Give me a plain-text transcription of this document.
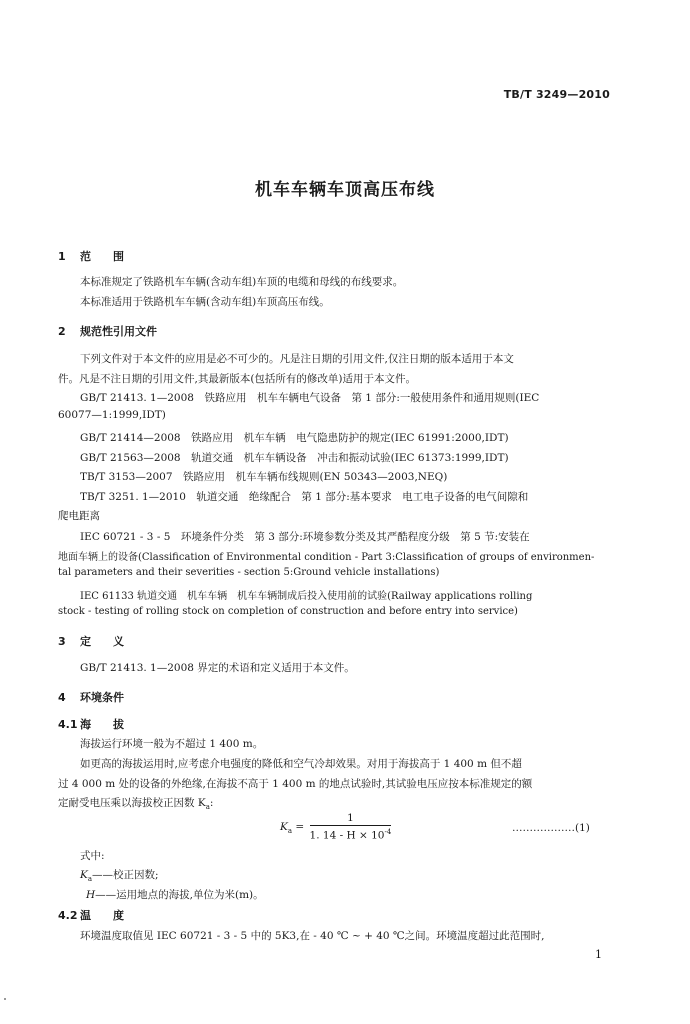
TB/T 3249—2010
机车车辆车顶高压布线
1 范　　围
本标准规定了铁路机车车辆(含动车组)车顶的电缆和母线的布线要求。
本标准适用于铁路机车车辆(含动车组)车顶高压布线。
2 规范性引用文件
下列文件对于本文件的应用是必不可少的。凡是注日期的引用文件,仅注日期的版本适用于本文
件。凡是不注日期的引用文件,其最新版本(包括所有的修改单)适用于本文件。
GB/T 21413. 1—2008　铁路应用　机车车辆电气设备　第 1 部分:一般使用条件和通用规则(IEC
60077—1:1999,IDT)
GB/T 21414—2008　铁路应用　机车车辆　电气隐患防护的规定(IEC 61991:2000,IDT)
GB/T 21563—2008　轨道交通　机车车辆设备　冲击和振动试验(IEC 61373:1999,IDT)
TB/T 3153—2007　铁路应用　机车车辆布线规则(EN 50343—2003,NEQ)
TB/T 3251. 1—2010　轨道交通　绝缘配合　第 1 部分:基本要求　电工电子设备的电气间隙和
爬电距离
IEC 60721 - 3 - 5　环境条件分类　第 3 部分:环境参数分类及其严酷程度分级　第 5 节:安装在
地面车辆上的设备(Classification of Environmental condition - Part 3:Classification of groups of environmen-
tal parameters and their severities - section 5:Ground vehicle installations)
IEC 61133 轨道交通　机车车辆　机车车辆制成后投入使用前的试验(Railway applications rolling
stock - testing of rolling stock on completion of construction and before entry into service)
3 定　　义
GB/T 21413. 1—2008 界定的术语和定义适用于本文件。
4 环境条件
4.1 海　　拔
海拔运行环境一般为不超过 1 400 m。
如更高的海拔运用时,应考虑介电强度的降低和空气冷却效果。对用于海拔高于 1 400 m 但不超
过 4 000 m 处的设备的外绝缘,在海拔不高于 1 400 m 的地点试验时,其试验电压应按本标准规定的额
定耐受电压乘以海拔校正因数 $K_a$:
$K_a = \frac{1}{1. 14 - H \times 10^{-4}}$	………………(1)
式中:
$K_a——$校正因数;
H——运用地点的海拔,单位为米(m)。
4.2 温　　度
环境温度取值见 IEC 60721 - 3 - 5 中的 5K3,在 - 40 ℃ ~ + 40 ℃之间。环境温度超过此范围时,
1
